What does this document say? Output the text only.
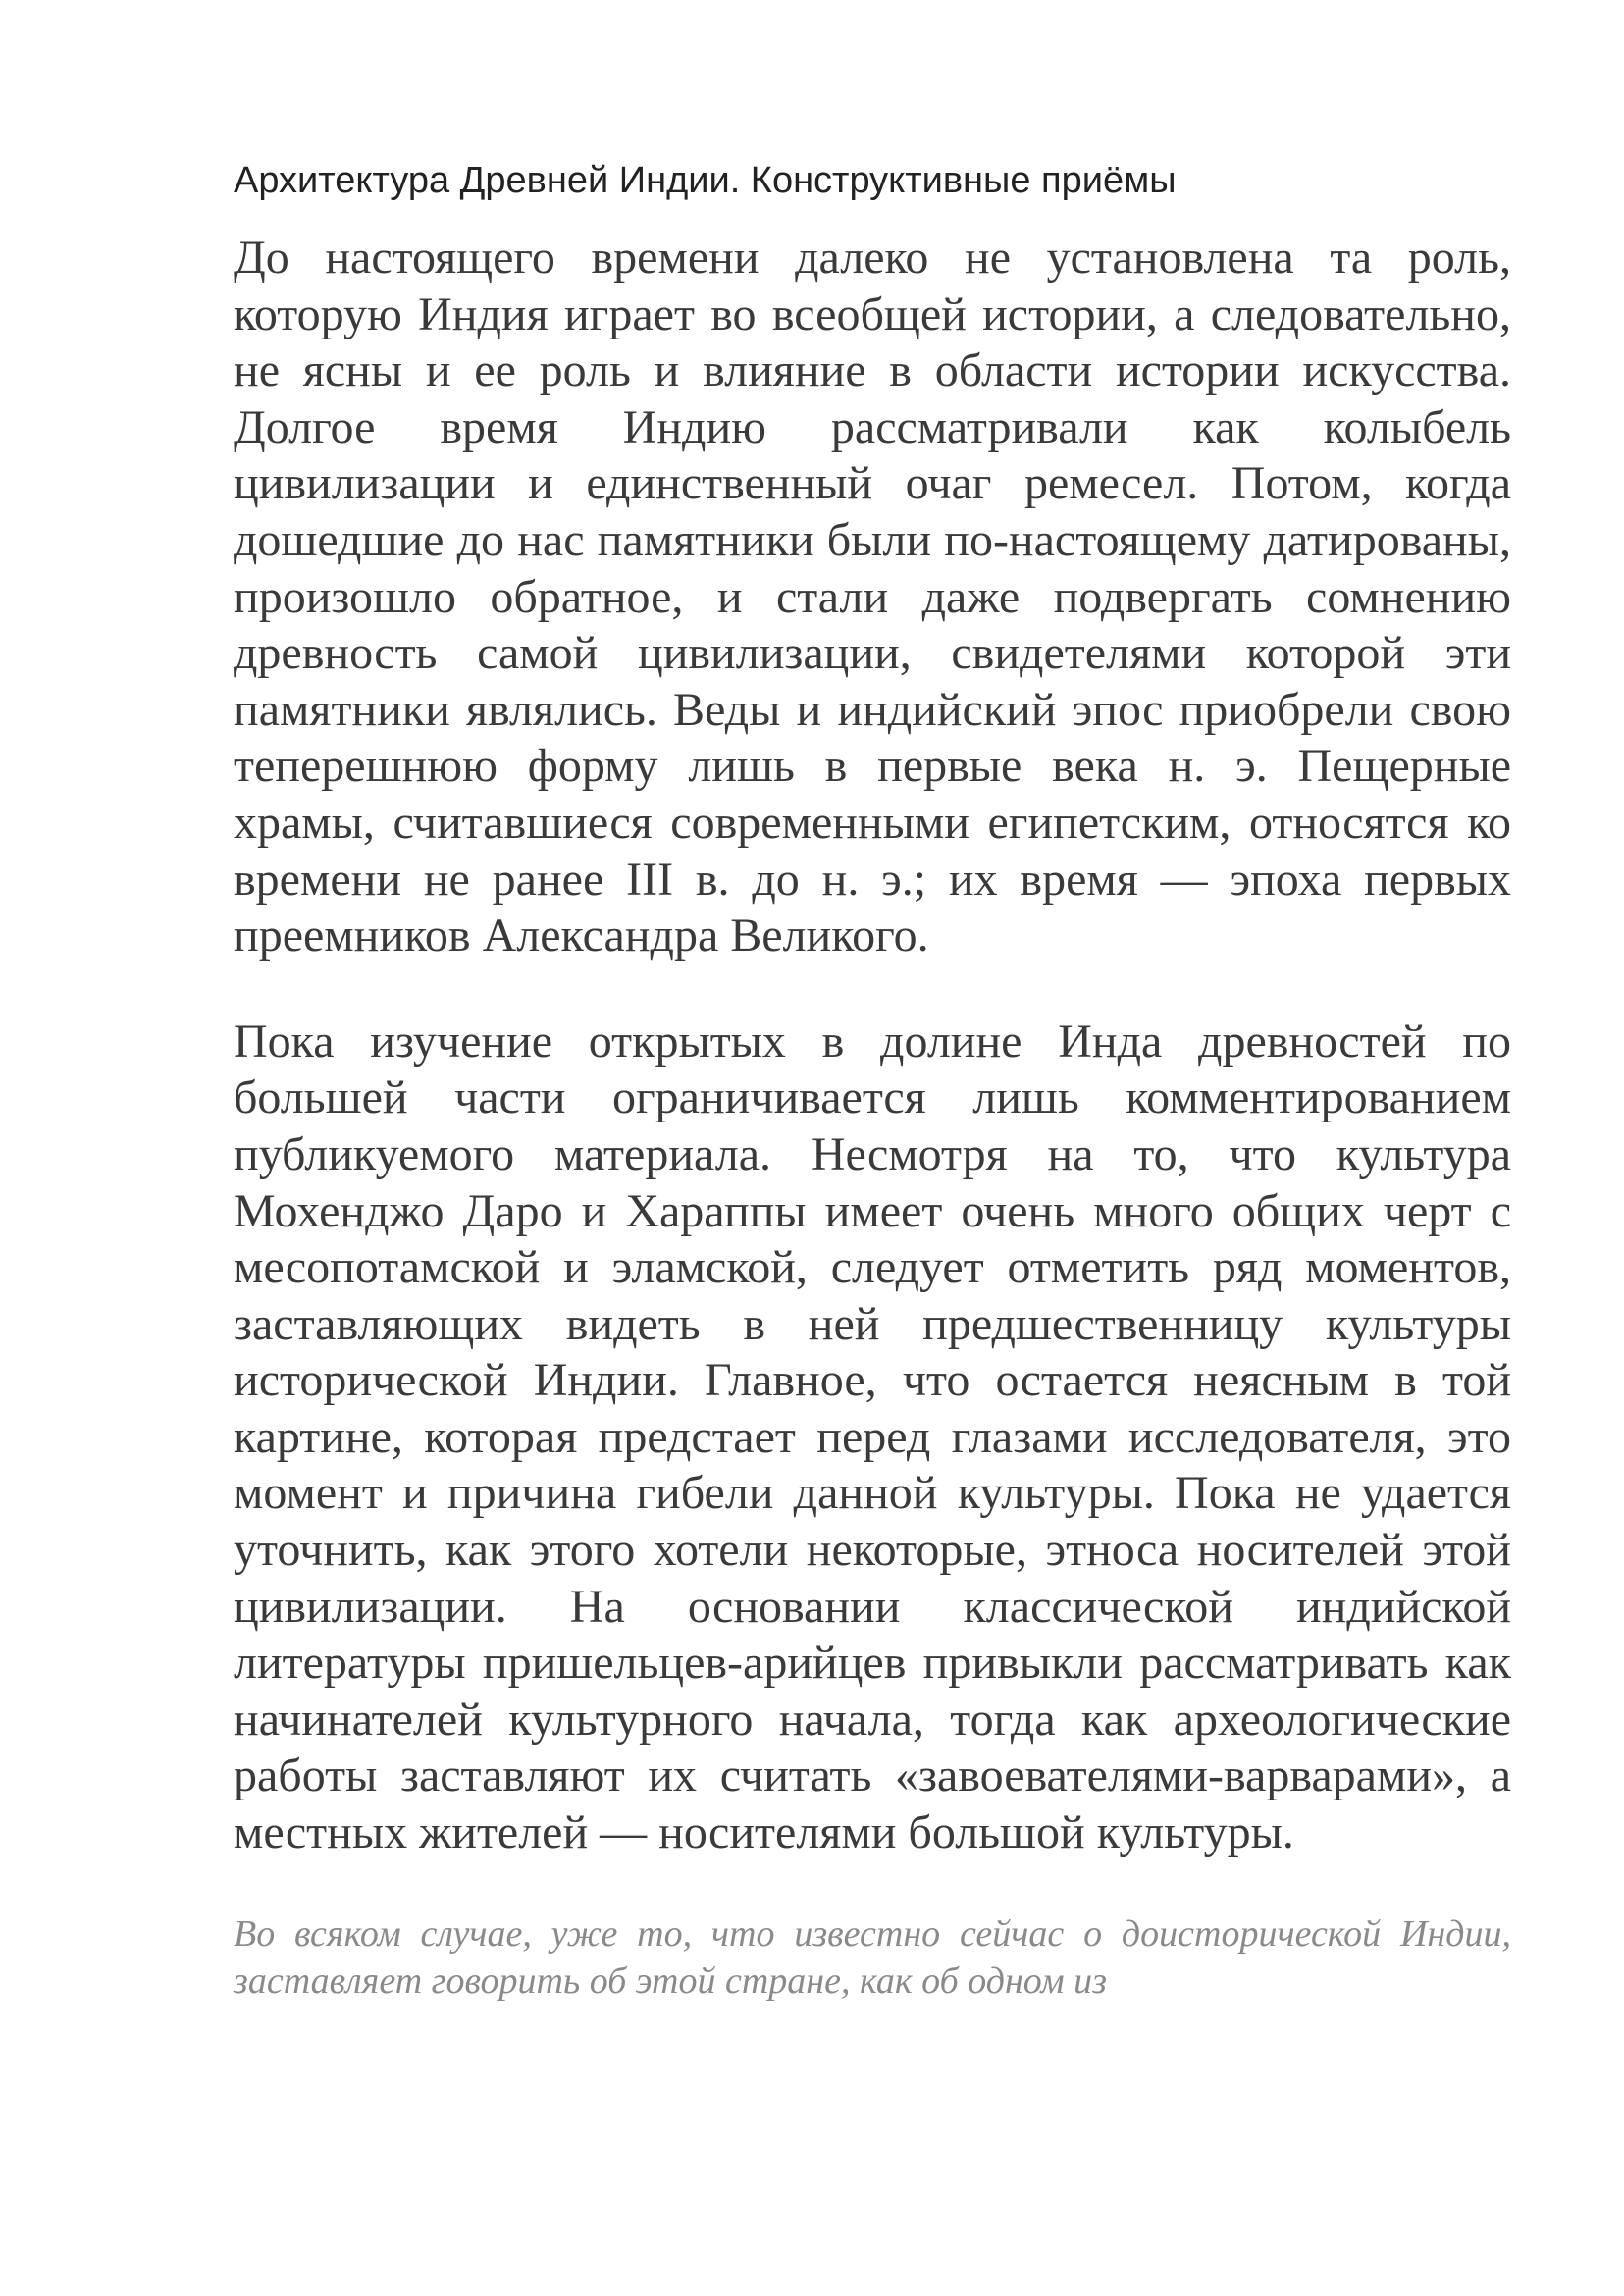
Архитектура Древней Индии. Конструктивные приёмы

До настоящего времени далеко не установлена та роль, которую Индия играет во всеобщей истории, а следовательно, не ясны и ее роль и влияние в области истории искусства. Долгое время Индию рассматривали как колыбель цивилизации и единственный очаг ремесел. Потом, когда дошедшие до нас памятники были по-настоящему датированы, произошло обратное, и стали даже подвергать сомнению древность самой цивилизации, свидетелями которой эти памятники являлись. Веды и индийский эпос приобрели свою теперешнюю форму лишь в первые века н. э. Пещерные храмы, считавшиеся современными египетским, относятся ко времени не ранее III в. до н. э.; их время — эпоха первых преемников Александра Великого.

Пока изучение открытых в долине Инда древностей по большей части ограничивается лишь комментированием публикуемого материала. Несмотря на то, что культура Мохенджо Даро и Хараппы имеет очень много общих черт с месопотамской и эламской, следует отметить ряд моментов, заставляющих видеть в ней предшественницу культуры исторической Индии. Главное, что остается неясным в той картине, которая предстает перед глазами исследователя, это момент и причина гибели данной культуры. Пока не удается уточнить, как этого хотели некоторые, этноса носителей этой цивилизации. На основании классической индийской литературы пришельцев-арийцев привыкли рассматривать как начинателей культурного начала, тогда как археологические работы заставляют их считать «завоевателями-варварами», а местных жителей — носителями большой культуры.

Во всяком случае, уже то, что известно сейчас о доисторической Индии, заставляет говорить об этой стране, как об одном из
